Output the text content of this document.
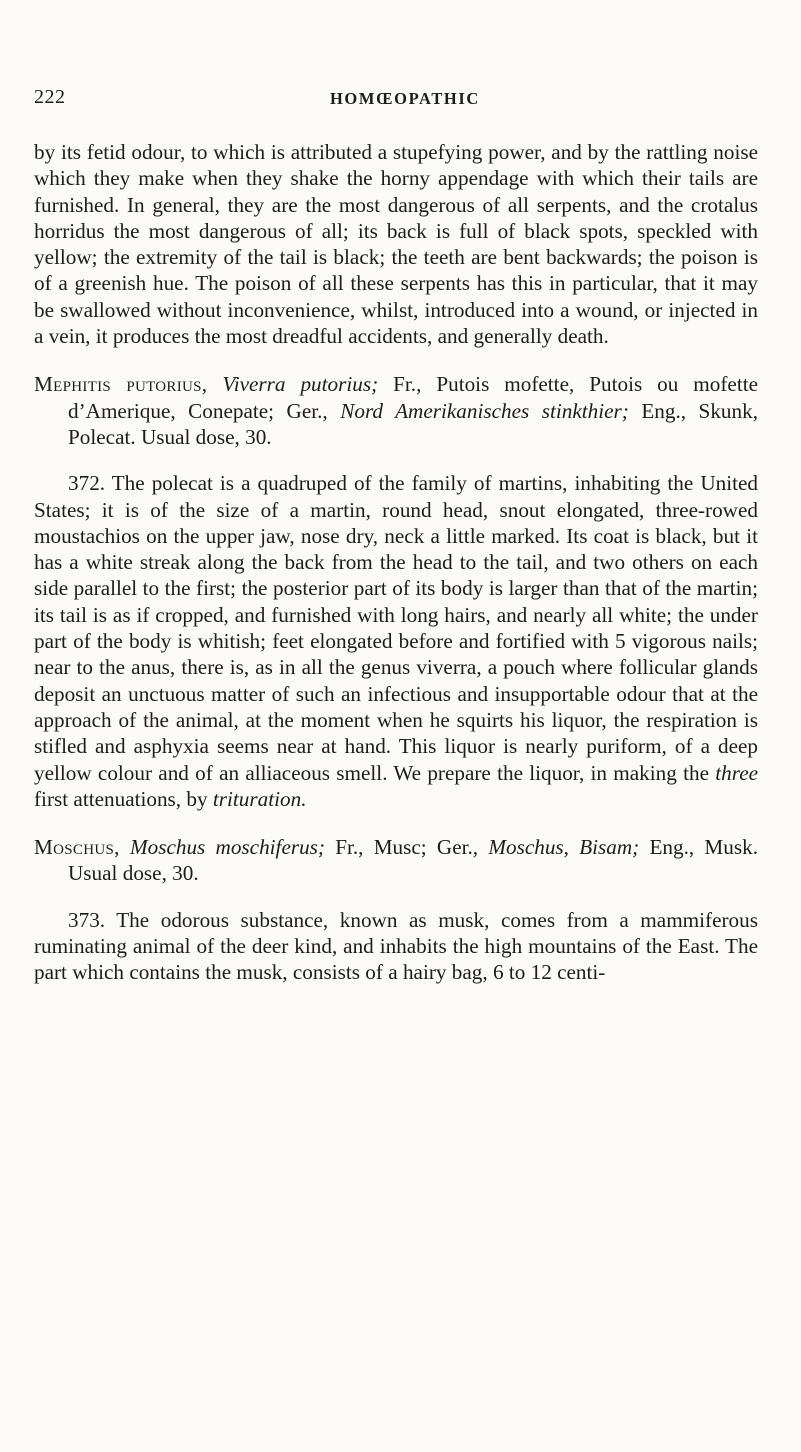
222	HOMŒOPATHIC

by its fetid odour, to which is attributed a stupefying power, and by the rattling noise which they make when they shake the horny appendage with which their tails are furnished. In general, they are the most dangerous of all serpents, and the crotalus horridus the most dangerous of all; its back is full of black spots, speckled with yellow; the extremity of the tail is black; the teeth are bent backwards; the poison is of a greenish hue. The poison of all these serpents has this in particular, that it may be swallowed without inconvenience, whilst, introduced into a wound, or injected in a vein, it produces the most dreadful accidents, and generally death.

Mephitis putorius, Viverra putorius; Fr., Putois mofette, Putois ou mofette d’Amerique, Conepate; Ger., Nord Amerikanisches stinkthier; Eng., Skunk, Polecat. Usual dose, 30.

372. The polecat is a quadruped of the family of martins, inhabiting the United States; it is of the size of a martin, round head, snout elongated, three-rowed moustachios on the upper jaw, nose dry, neck a little marked. Its coat is black, but it has a white streak along the back from the head to the tail, and two others on each side parallel to the first; the posterior part of its body is larger than that of the martin; its tail is as if cropped, and furnished with long hairs, and nearly all white; the under part of the body is whitish; feet elongated before and fortified with 5 vigorous nails; near to the anus, there is, as in all the genus viverra, a pouch where follicular glands deposit an unctuous matter of such an infectious and insupportable odour that at the approach of the animal, at the moment when he squirts his liquor, the respiration is stifled and asphyxia seems near at hand. This liquor is nearly puriform, of a deep yellow colour and of an alliaceous smell. We prepare the liquor, in making the three first attenuations, by trituration.

Moschus, Moschus moschiferus; Fr., Musc; Ger., Moschus, Bisam; Eng., Musk. Usual dose, 30.

373. The odorous substance, known as musk, comes from a mammiferous ruminating animal of the deer kind, and inhabits the high mountains of the East. The part which contains the musk, consists of a hairy bag, 6 to 12 centi-
